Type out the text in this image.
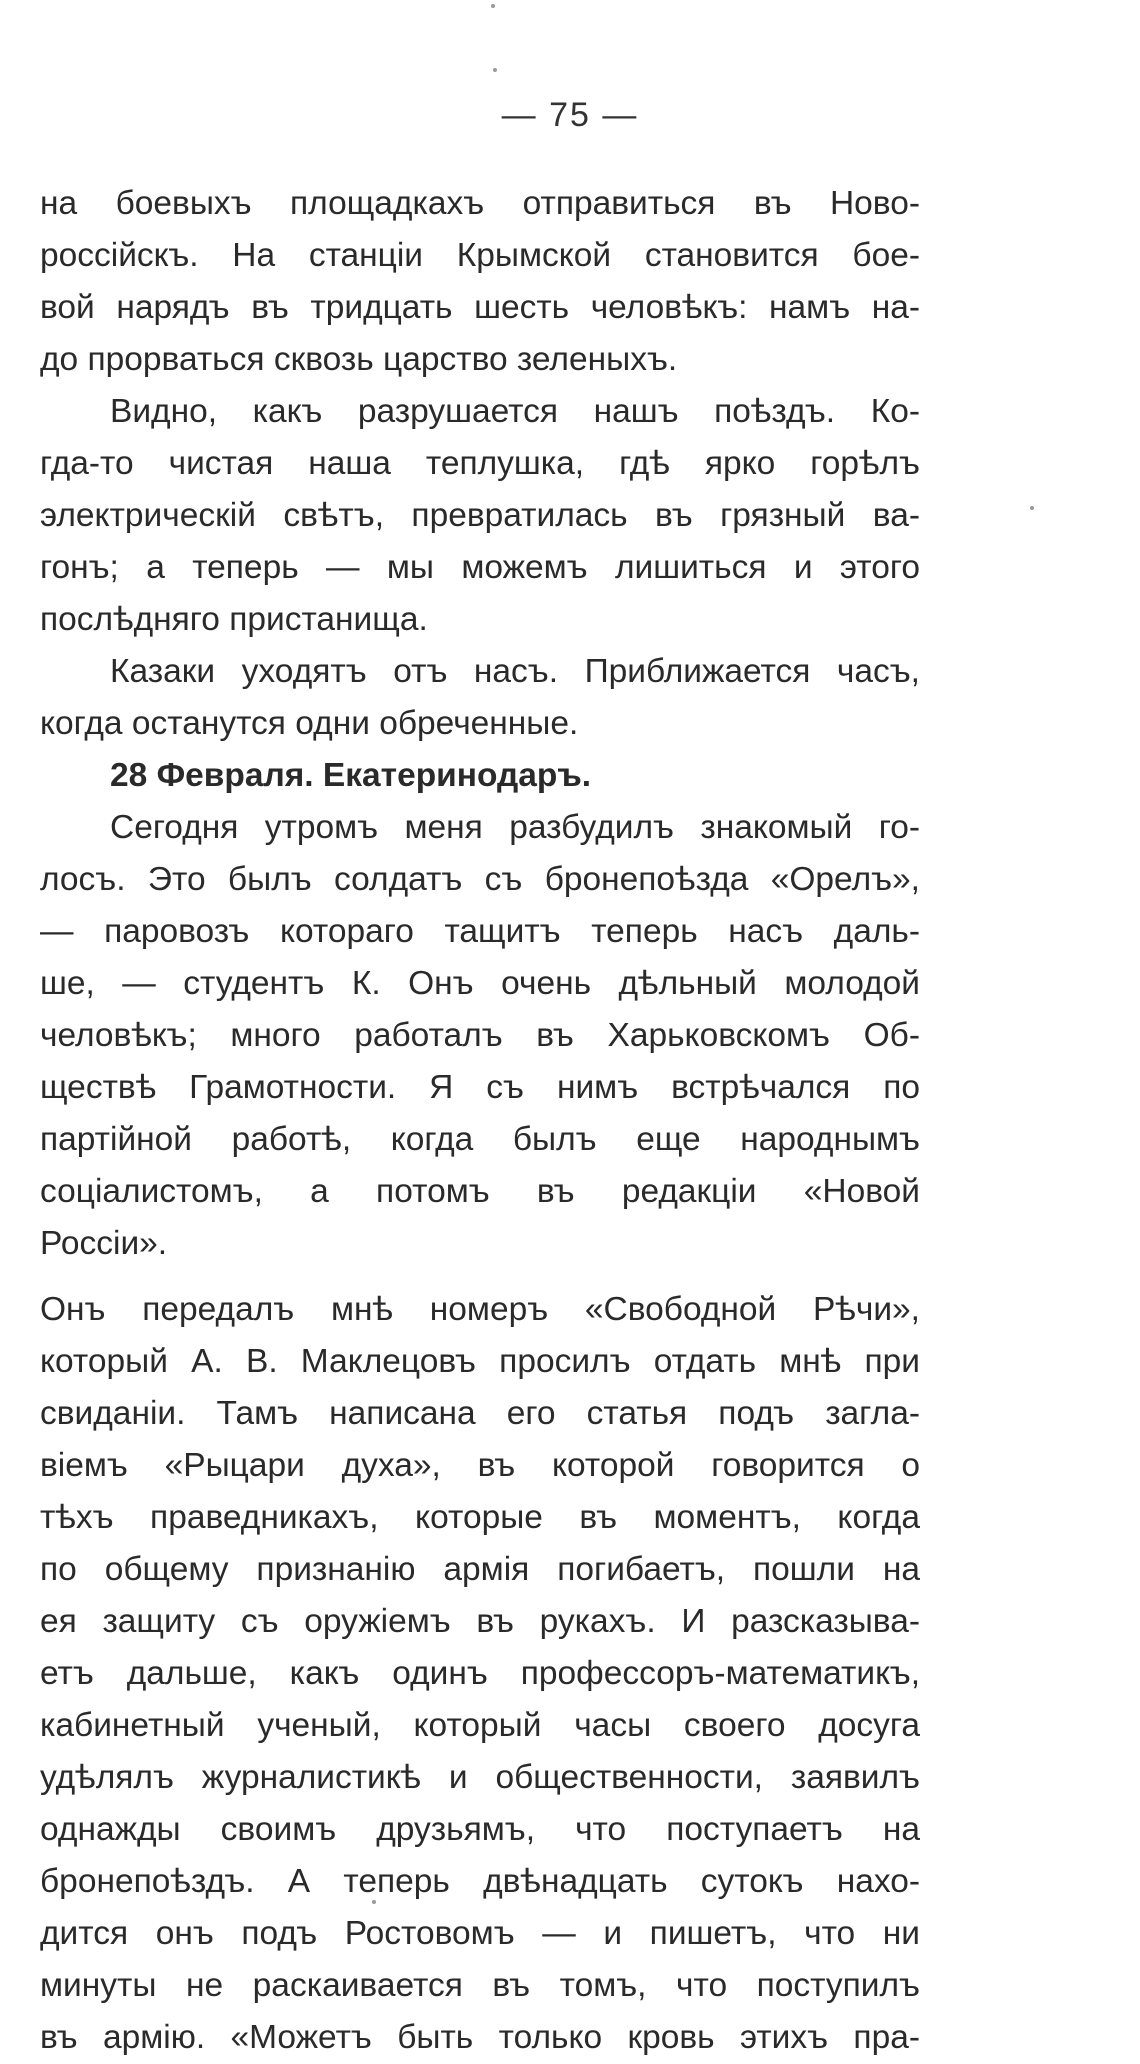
— 75 —
на боевыхъ площадкахъ отправиться въ Ново-
россійскъ. На станціи Крымской становится бое-
вой нарядъ въ тридцать шесть человѣкъ: намъ на-
до прорваться сквозь царство зеленыхъ.
Видно, какъ разрушается нашъ поѣздъ. Ко-
гда-то чистая наша теплушка, гдѣ ярко горѣлъ
электрическій свѣтъ, превратилась въ грязный ва-
гонъ; а теперь — мы можемъ лишиться и этого
послѣдняго пристанища.
Казаки уходятъ отъ насъ. Приближается часъ,
когда останутся одни обреченные.
28 Февраля. Екатеринодаръ.
Сегодня утромъ меня разбудилъ знакомый го-
лосъ. Это былъ солдатъ съ бронепоѣзда «Орелъ»,
— паровозъ котораго тащитъ теперь насъ даль-
ше, — студентъ К. Онъ очень дѣльный молодой
человѣкъ; много работалъ въ Харьковскомъ Об-
ществѣ Грамотности. Я съ нимъ встрѣчался по
партійной работѣ, когда былъ еще народнымъ
соціалистомъ, а потомъ въ редакціи «Новой
Россіи».
Онъ передалъ мнѣ номеръ «Свободной Рѣчи»,
который А. В. Маклецовъ просилъ отдать мнѣ при
свиданіи. Тамъ написана его статья подъ загла-
віемъ «Рыцари духа», въ которой говорится о
тѣхъ праведникахъ, которые въ моментъ, когда
по общему признанію армія погибаетъ, пошли на
ея защиту съ оружіемъ въ рукахъ. И разсказыва-
етъ дальше, какъ одинъ профессоръ-математикъ,
кабинетный ученый, который часы своего досуга
удѣлялъ журналистикѣ и общественности, заявилъ
однажды своимъ друзьямъ, что поступаетъ на
бронепоѣздъ. А теперь двѣнадцать сутокъ нахо-
дится онъ подъ Ростовомъ — и пишетъ, что ни
минуты не раскаивается въ томъ, что поступилъ
въ армію. «Можетъ быть только кровь этихъ пра-
